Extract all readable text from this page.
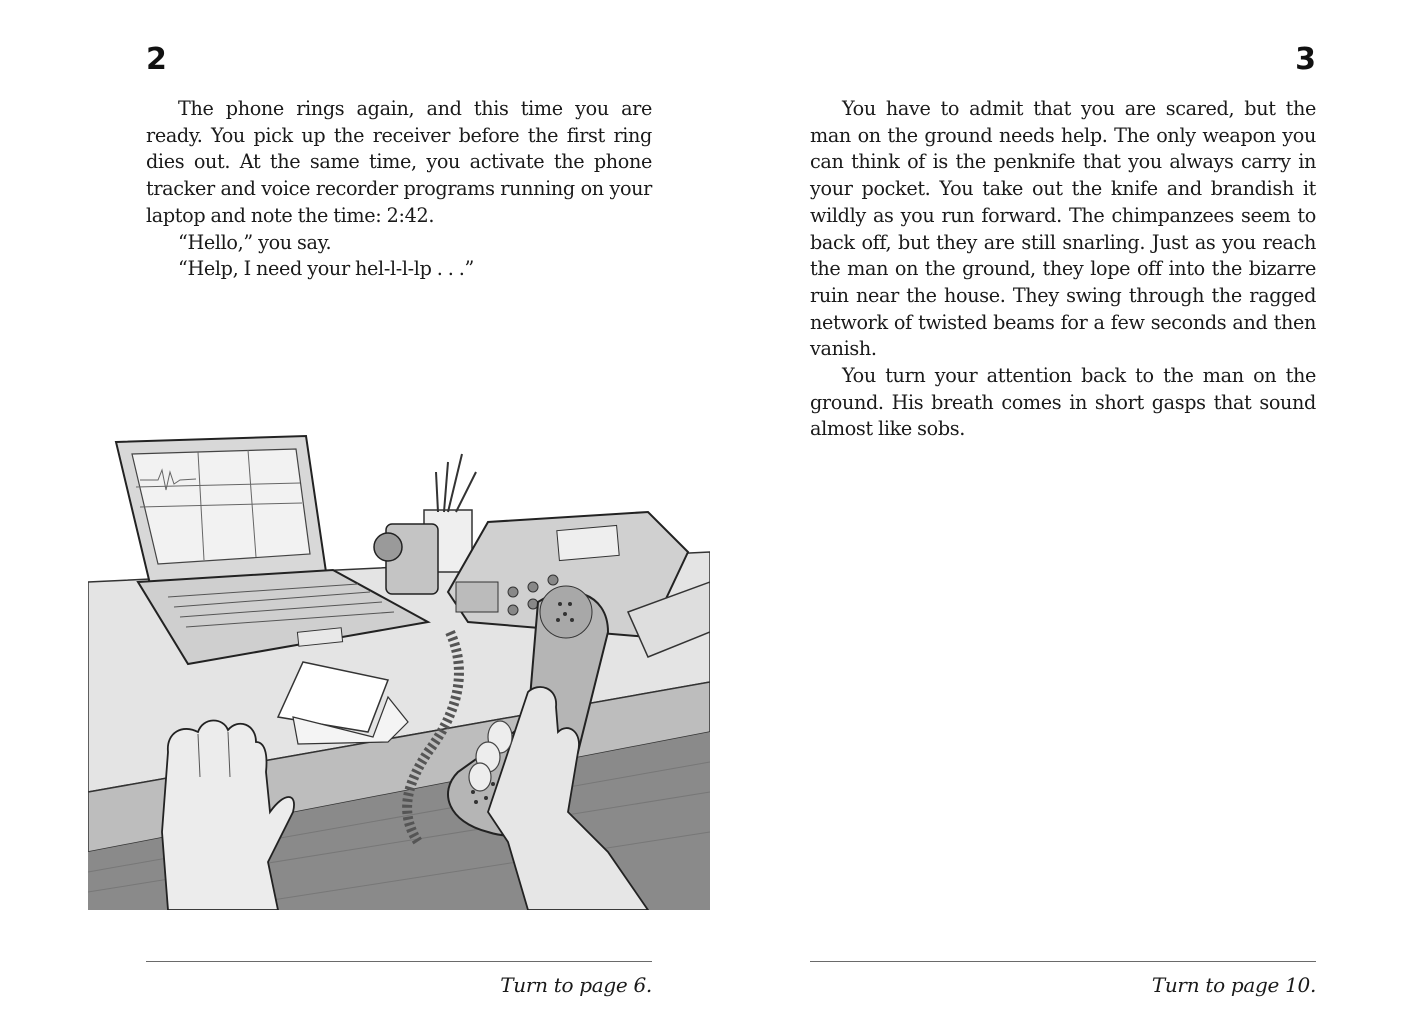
2

The phone rings again, and this time you are ready. You pick up the receiver before the first ring dies out. At the same time, you activate the phone tracker and voice recorder programs running on your laptop and note the time: 2:42.

“Hello,” you say.

“Help, I need your hel-l-l-lp . . .”

Turn to page 6.
3

You have to admit that you are scared, but the man on the ground needs help. The only weapon you can think of is the penknife that you always carry in your pocket. You take out the knife and brandish it wildly as you run forward. The chimpanzees seem to back off, but they are still snarling. Just as you reach the man on the ground, they lope off into the bizarre ruin near the house. They swing through the ragged network of twisted beams for a few seconds and then vanish.

You turn your attention back to the man on the ground. His breath comes in short gasps that sound almost like sobs.

Turn to page 10.
